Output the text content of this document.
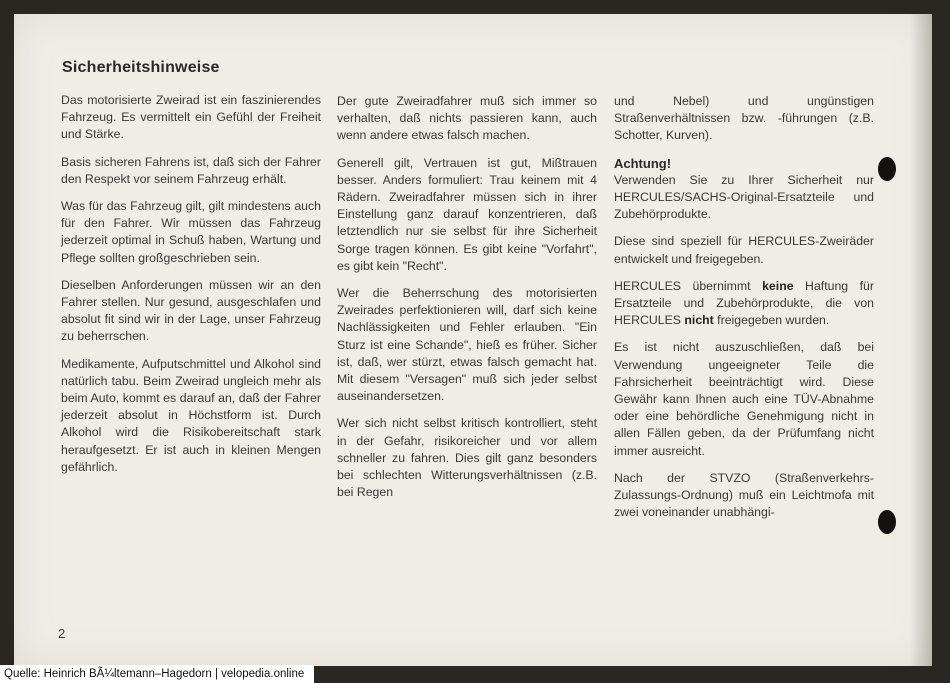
Sicherheitshinweise

Das motorisierte Zweirad ist ein faszinierendes Fahrzeug. Es vermittelt ein Gefühl der Freiheit und Stärke.

Basis sicheren Fahrens ist, daß sich der Fahrer den Respekt vor seinem Fahrzeug erhält.

Was für das Fahrzeug gilt, gilt mindestens auch für den Fahrer. Wir müssen das Fahrzeug jederzeit optimal in Schuß haben, Wartung und Pflege sollten großgeschrieben sein.

Dieselben Anforderungen müssen wir an den Fahrer stellen. Nur gesund, ausgeschlafen und absolut fit sind wir in der Lage, unser Fahrzeug zu beherrschen.

Medikamente, Aufputschmittel und Alkohol sind natürlich tabu. Beim Zweirad ungleich mehr als beim Auto, kommt es darauf an, daß der Fahrer jederzeit absolut in Höchstform ist. Durch Alkohol wird die Risikobereitschaft stark heraufgesetzt. Er ist auch in kleinen Mengen gefährlich.

Der gute Zweiradfahrer muß sich immer so verhalten, daß nichts passieren kann, auch wenn andere etwas falsch machen.

Generell gilt, Vertrauen ist gut, Mißtrauen besser. Anders formuliert: Trau keinem mit 4 Rädern. Zweiradfahrer müssen sich in ihrer Einstellung ganz darauf konzentrieren, daß letztendlich nur sie selbst für ihre Sicherheit Sorge tragen können. Es gibt keine "Vorfahrt", es gibt kein "Recht".

Wer die Beherrschung des motorisierten Zweirades perfektionieren will, darf sich keine Nachlässigkeiten und Fehler erlauben. "Ein Sturz ist eine Schande", hieß es früher. Sicher ist, daß, wer stürzt, etwas falsch gemacht hat. Mit diesem "Versagen" muß sich jeder selbst auseinandersetzen.

Wer sich nicht selbst kritisch kontrolliert, steht in der Gefahr, risikoreicher und vor allem schneller zu fahren. Dies gilt ganz besonders bei schlechten Witterungsverhältnissen (z.B. bei Regen

und Nebel) und ungünstigen Straßenverhältnissen bzw. -führungen (z.B. Schotter, Kurven).

Achtung!

Verwenden Sie zu Ihrer Sicherheit nur HERCULES/SACHS-Original-Ersatzteile und Zubehörprodukte.

Diese sind speziell für HERCULES-Zweiräder entwickelt und freigegeben.

HERCULES übernimmt keine Haftung für Ersatzteile und Zubehörprodukte, die von HERCULES nicht freigegeben wurden.

Es ist nicht auszuschließen, daß bei Verwendung ungeeigneter Teile die Fahrsicherheit beeinträchtigt wird. Diese Gewähr kann Ihnen auch eine TÜV-Abnahme oder eine behördliche Genehmigung nicht in allen Fällen geben, da der Prüfumfang nicht immer ausreicht.

Nach der STVZO (Straßenverkehrs-Zulassungs-Ordnung) muß ein Leichtmofa mit zwei voneinander unabhängi-

2
Quelle: Heinrich BÃ¼ltemann–Hagedorn | velopedia.online
